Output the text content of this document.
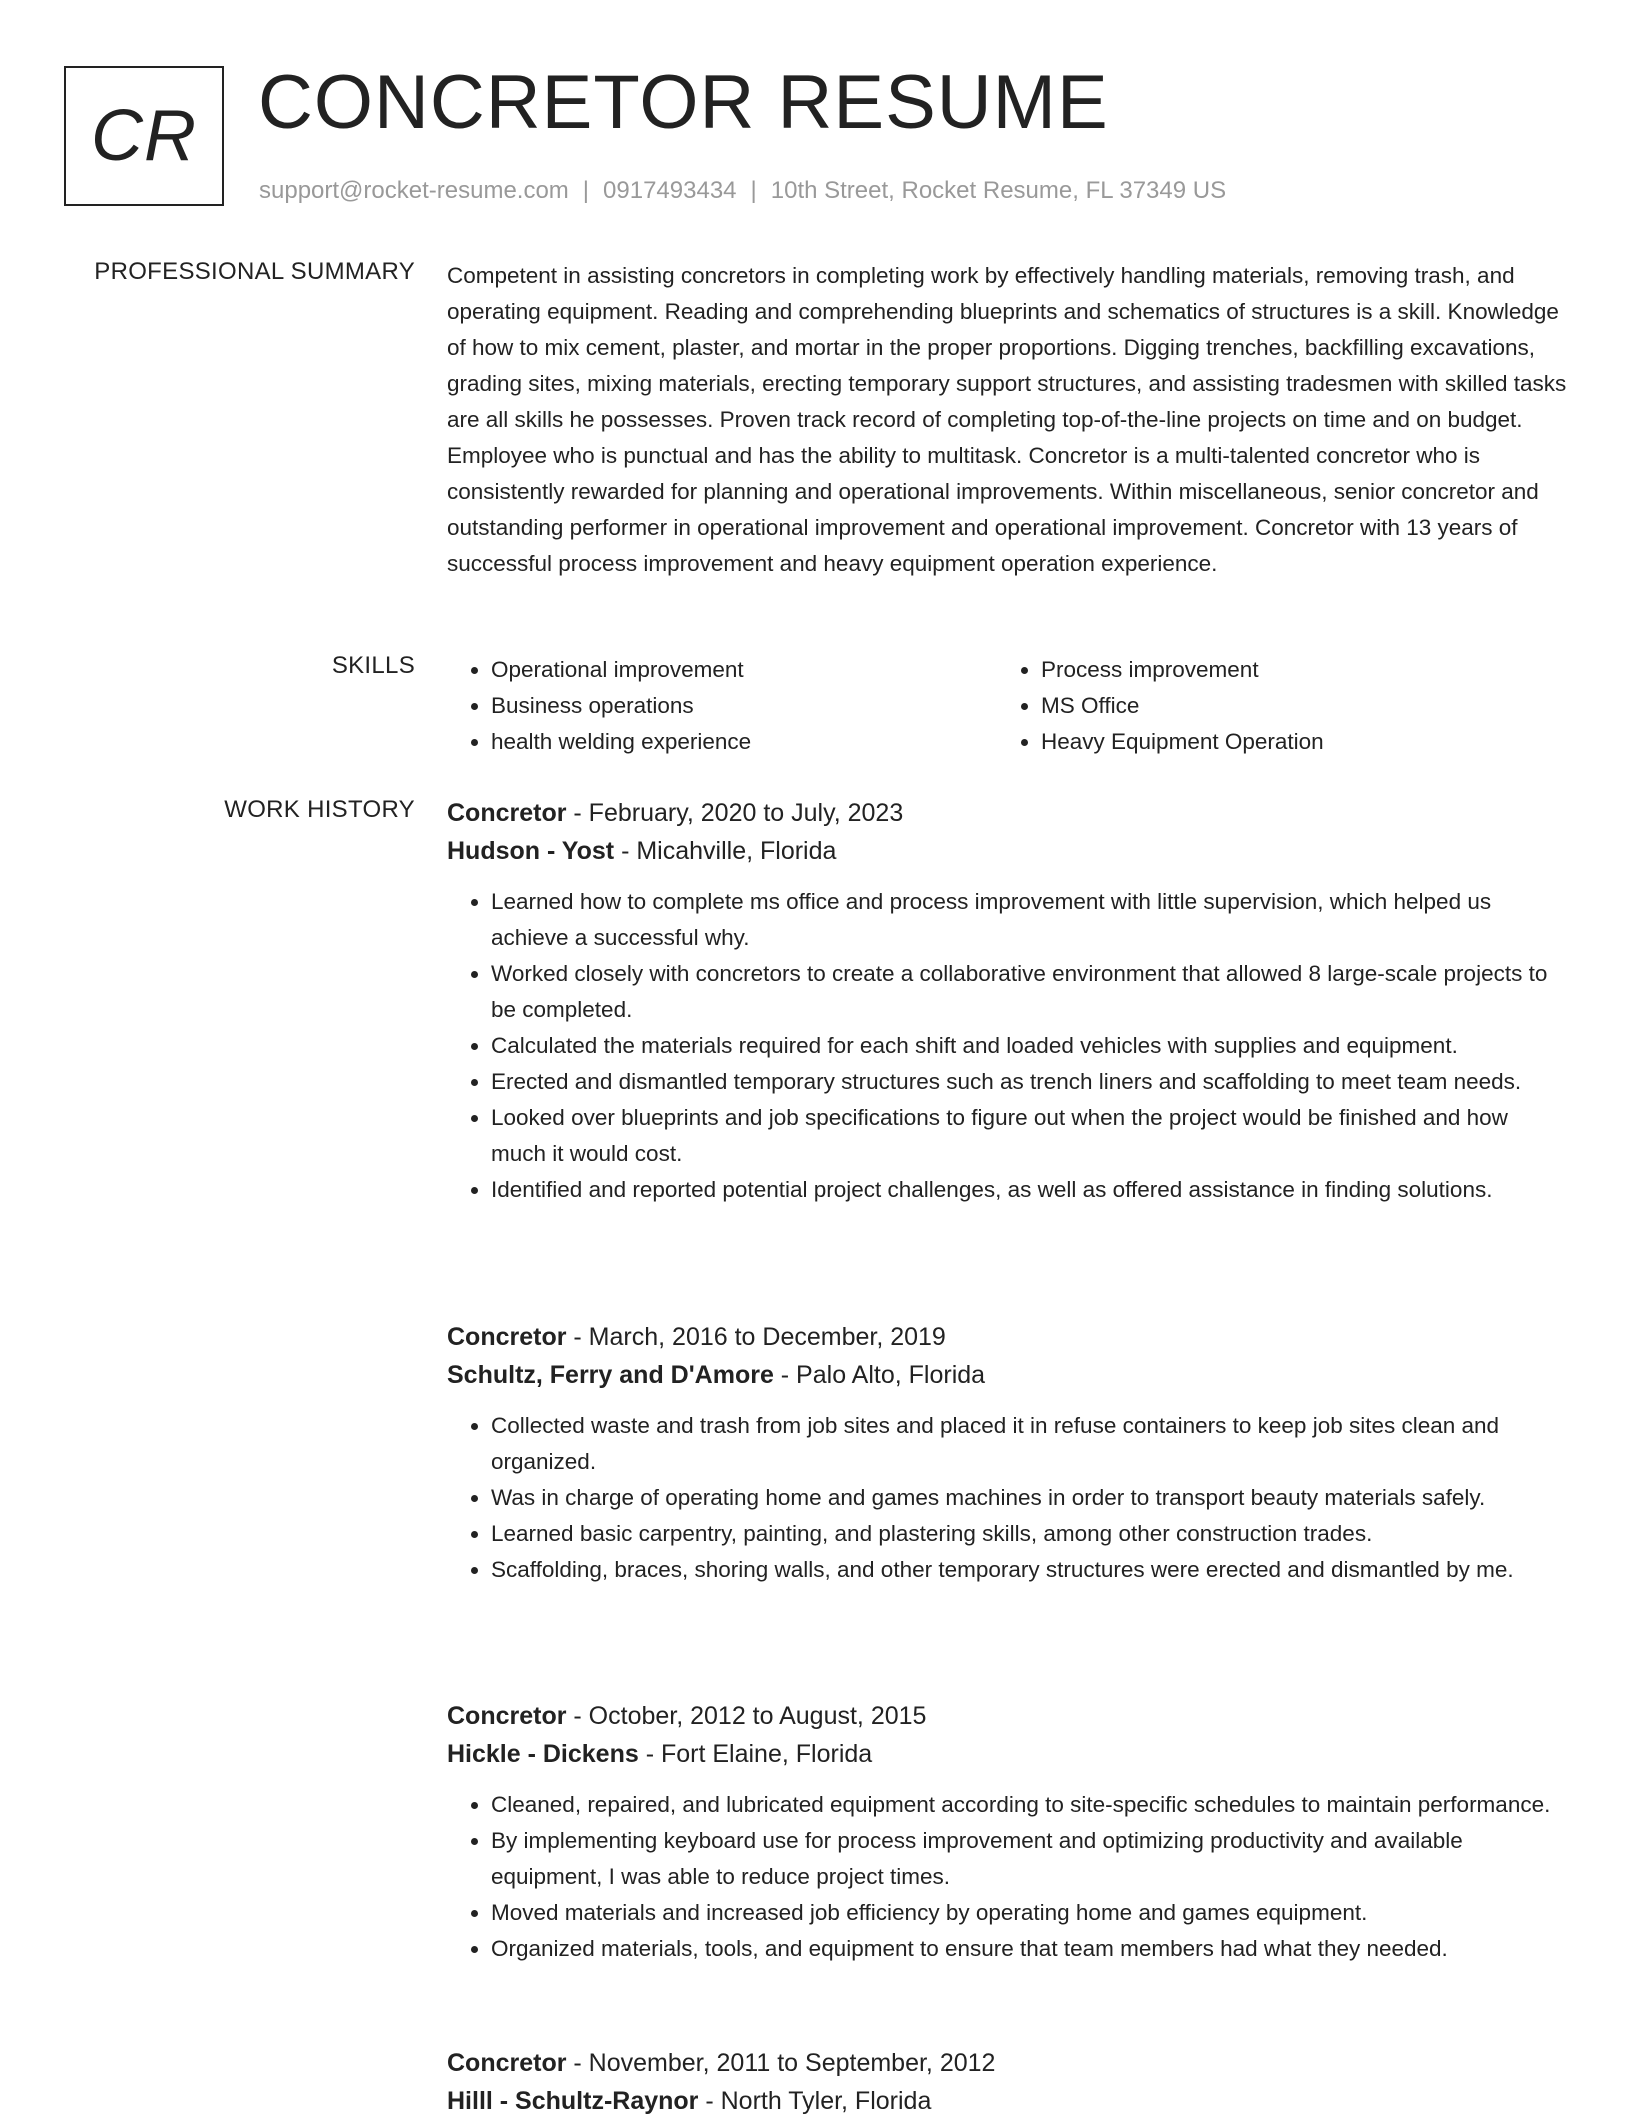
CR CONCRETOR RESUME
support@rocket-resume.com | 0917493434 | 10th Street, Rocket Resume, FL 37349 US
PROFESSIONAL SUMMARY Competent in assisting concretors in completing work by effectively handling materials, removing trash, and operating equipment. Reading and comprehending blueprints and schematics of structures is a skill. Knowledge of how to mix cement, plaster, and mortar in the proper proportions. Digging trenches, backfilling excavations, grading sites, mixing materials, erecting temporary support structures, and assisting tradesmen with skilled tasks are all skills he possesses. Proven track record of completing top-of-the-line projects on time and on budget. Employee who is punctual and has the ability to multitask. Concretor is a multi-talented concretor who is consistently rewarded for planning and operational improvements. Within miscellaneous, senior concretor and outstanding performer in operational improvement and operational improvement. Concretor with 13 years of successful process improvement and heavy equipment operation experience.

SKILLS
•	Operational improvement
• Business operations
• health welding experience
• Process improvement
• MS Office
• Heavy Equipment Operation
WORK HISTORY Concretor - February, 2020 to July, 2023
Hudson - Yost - Micahville, Florida
• Learned how to complete ms office and process improvement with little supervision, which helped us achieve a successful why.
• Worked closely with concretors to create a collaborative environment that allowed 8 large-scale projects to be completed.
• Calculated the materials required for each shift and loaded vehicles with supplies and equipment.
• Erected and dismantled temporary structures such as trench liners and scaffolding to meet team needs.
• Looked over blueprints and job specifications to figure out when the project would be finished and how much it would cost.
• Identified and reported potential project challenges, as well as offered assistance in finding solutions.
Concretor - March, 2016 to December, 2019
Schultz, Ferry and D'Amore - Palo Alto, Florida
• Collected waste and trash from job sites and placed it in refuse containers to keep job sites clean and organized.
• Was in charge of operating home and games machines in order to transport beauty materials safely.
• Learned basic carpentry, painting, and plastering skills, among other construction trades.
• Scaffolding, braces, shoring walls, and other temporary structures were erected and dismantled by me.
Concretor - October, 2012 to August, 2015
Hickle - Dickens - Fort Elaine, Florida
• Cleaned, repaired, and lubricated equipment according to site-specific schedules to maintain performance.
• By implementing keyboard use for process improvement and optimizing productivity and available equipment, I was able to reduce project times.
• Moved materials and increased job efficiency by operating home and games equipment.
• Organized materials, tools, and equipment to ensure that team members had what they needed.
Concretor - November, 2011 to September, 2012
Hilll - Schultz-Raynor - North Tyler, Florida
